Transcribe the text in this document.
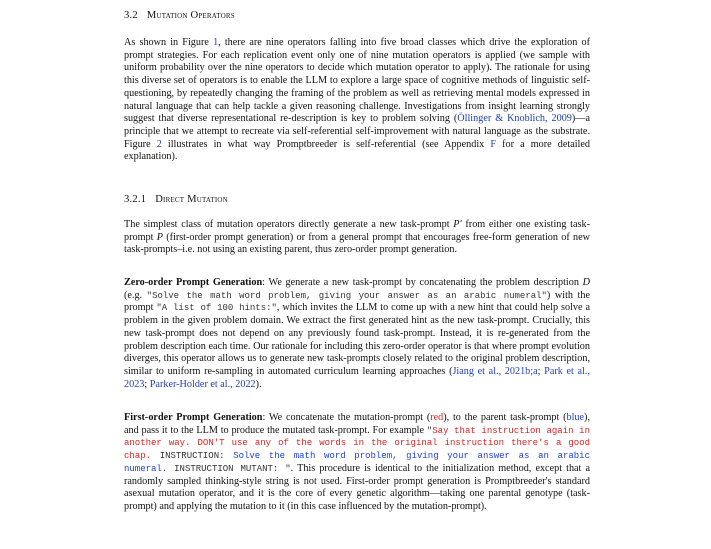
3.2 Mutation Operators
As shown in Figure 1, there are nine operators falling into five broad classes which drive the exploration of prompt strategies. For each replication event only one of nine mutation operators is applied (we sample with uniform probability over the nine operators to decide which mutation operator to apply). The rationale for using this diverse set of operators is to enable the LLM to explore a large space of cognitive methods of linguistic self-questioning, by repeatedly changing the framing of the problem as well as retrieving mental models expressed in natural language that can help tackle a given reasoning challenge. Investigations from insight learning strongly suggest that diverse representational re-description is key to problem solving (Öllinger & Knoblich, 2009)—a principle that we attempt to recreate via self-referential self-improvement with natural language as the substrate. Figure 2 illustrates in what way Promptbreeder is self-referential (see Appendix F for a more detailed explanation).
3.2.1 Direct Mutation
The simplest class of mutation operators directly generate a new task-prompt P′ from either one existing task-prompt P (first-order prompt generation) or from a general prompt that encourages free-form generation of new task-prompts–i.e. not using an existing parent, thus zero-order prompt generation.
Zero-order Prompt Generation: We generate a new task-prompt by concatenating the problem description D (e.g. "Solve the math word problem, giving your answer as an arabic numeral") with the prompt "A list of 100 hints:", which invites the LLM to come up with a new hint that could help solve a problem in the given problem domain. We extract the first generated hint as the new task-prompt. Crucially, this new task-prompt does not depend on any previously found task-prompt. Instead, it is re-generated from the problem description each time. Our rationale for including this zero-order operator is that where prompt evolution diverges, this operator allows us to generate new task-prompts closely related to the original problem description, similar to uniform re-sampling in automated curriculum learning approaches (Jiang et al., 2021b;a; Park et al., 2023; Parker-Holder et al., 2022).
First-order Prompt Generation: We concatenate the mutation-prompt (red), to the parent task-prompt (blue), and pass it to the LLM to produce the mutated task-prompt. For example "Say that instruction again in another way. DON'T use any of the words in the original instruction there's a good chap. INSTRUCTION: Solve the math word problem, giving your answer as an arabic numeral. INSTRUCTION MUTANT: ". This procedure is identical to the initialization method, except that a randomly sampled thinking-style string is not used. First-order prompt generation is Promptbreeder's standard asexual mutation operator, and it is the core of every genetic algorithm—taking one parental genotype (task-prompt) and applying the mutation to it (in this case influenced by the mutation-prompt).
